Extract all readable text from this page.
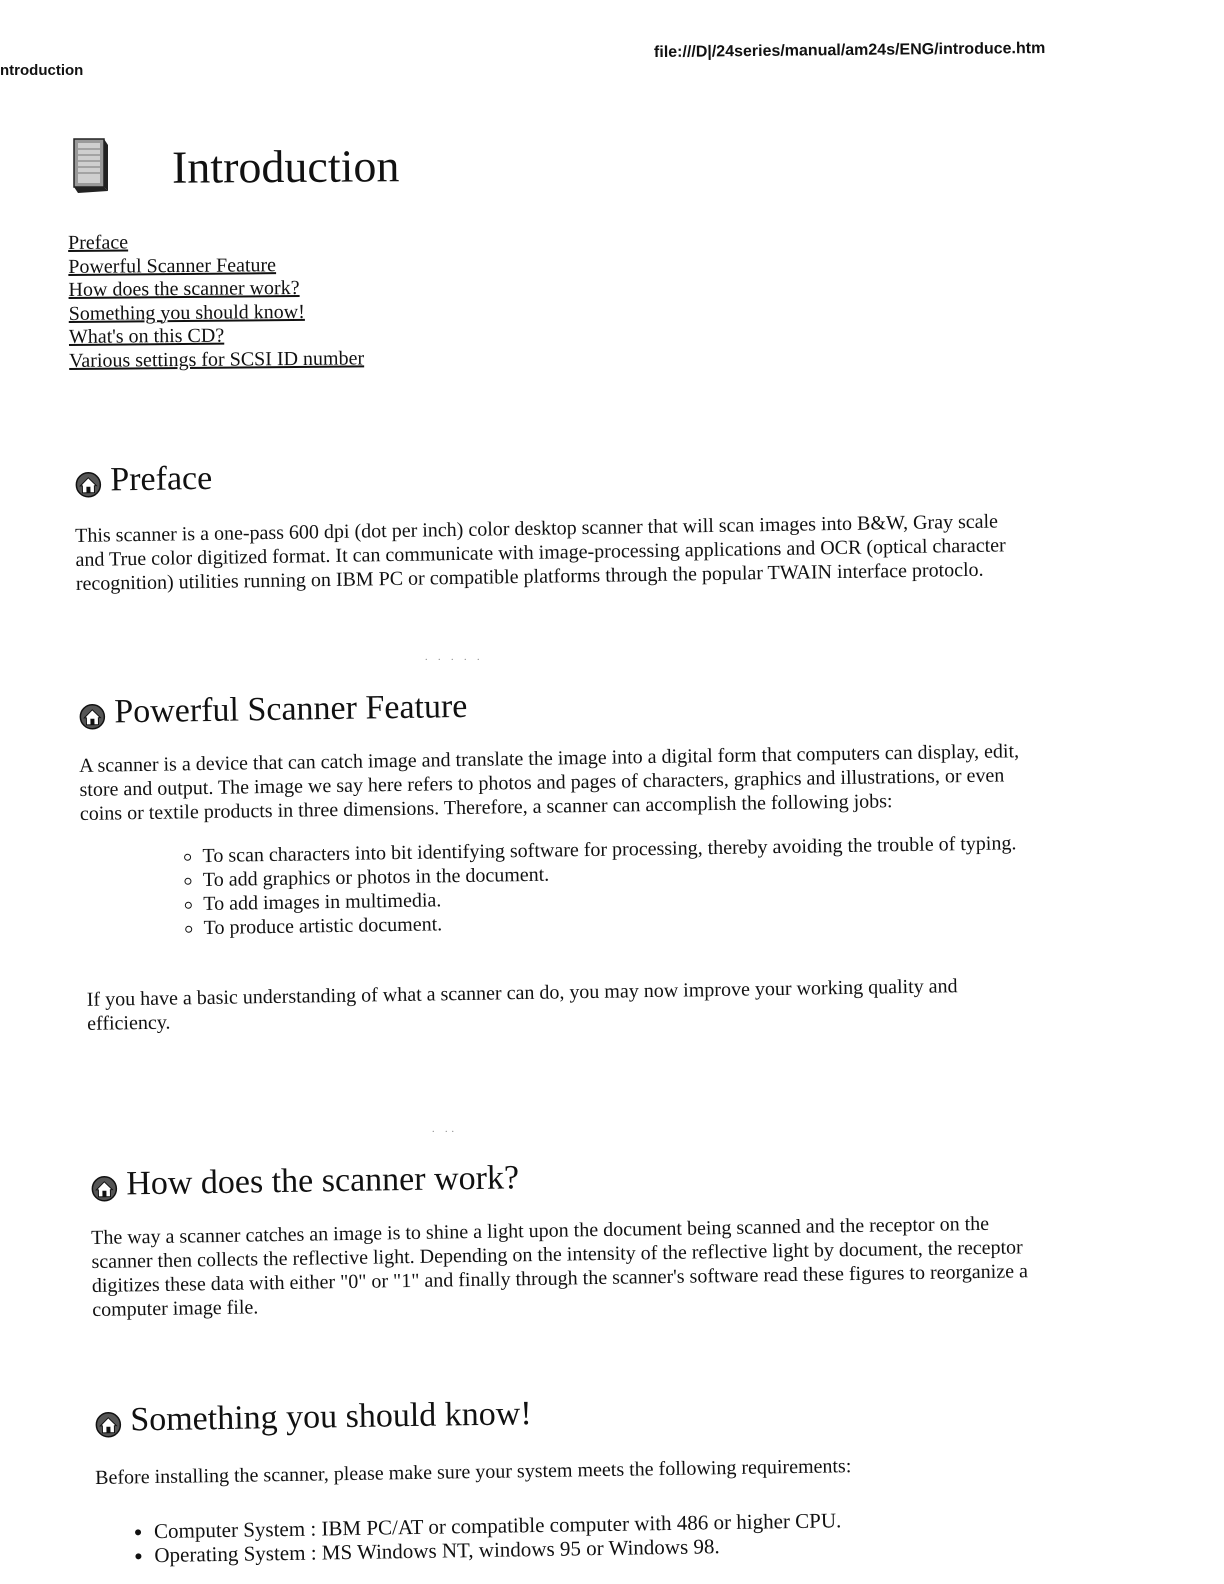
ntroduction
file:///D|/24series/manual/am24s/ENG/introduce.htm
Introduction
Preface
Powerful Scanner Feature
How does the scanner work?
Something you should know!
What's on this CD?
Various settings for SCSI ID number
Preface

This scanner is a one-pass 600 dpi (dot per inch) color desktop scanner that will scan images into B&W, Gray scale and True color digitized format. It can communicate with image-processing applications and OCR (optical character recognition) utilities running on IBM PC or compatible platforms through the popular TWAIN interface protoclo.

. . . . .
Powerful Scanner Feature

A scanner is a device that can catch image and translate the image into a digital form that computers can display, edit, store and output. The image we say here refers to photos and pages of characters, graphics and illustrations, or even coins or textile products in three dimensions. Therefore, a scanner can accomplish the following jobs:

◦ To scan characters into bit identifying software for processing, thereby avoiding the trouble of typing.
◦ To add graphics or photos in the document.
◦ To add images in multimedia.
◦ To produce artistic document.

If you have a basic understanding of what a scanner can do, you may now improve your working quality and efficiency.

. ..
How does the scanner work?

The way a scanner catches an image is to shine a light upon the document being scanned and the receptor on the scanner then collects the reflective light. Depending on the intensity of the reflective light by document, the receptor digitizes these data with either "0" or "1" and finally through the scanner's software read these figures to reorganize a computer image file.

Something you should know!

Before installing the scanner, please make sure your system meets the following requirements:

• Computer System : IBM PC/AT or compatible computer with 486 or higher CPU.
• Operating System : MS Windows NT, windows 95 or Windows 98.
